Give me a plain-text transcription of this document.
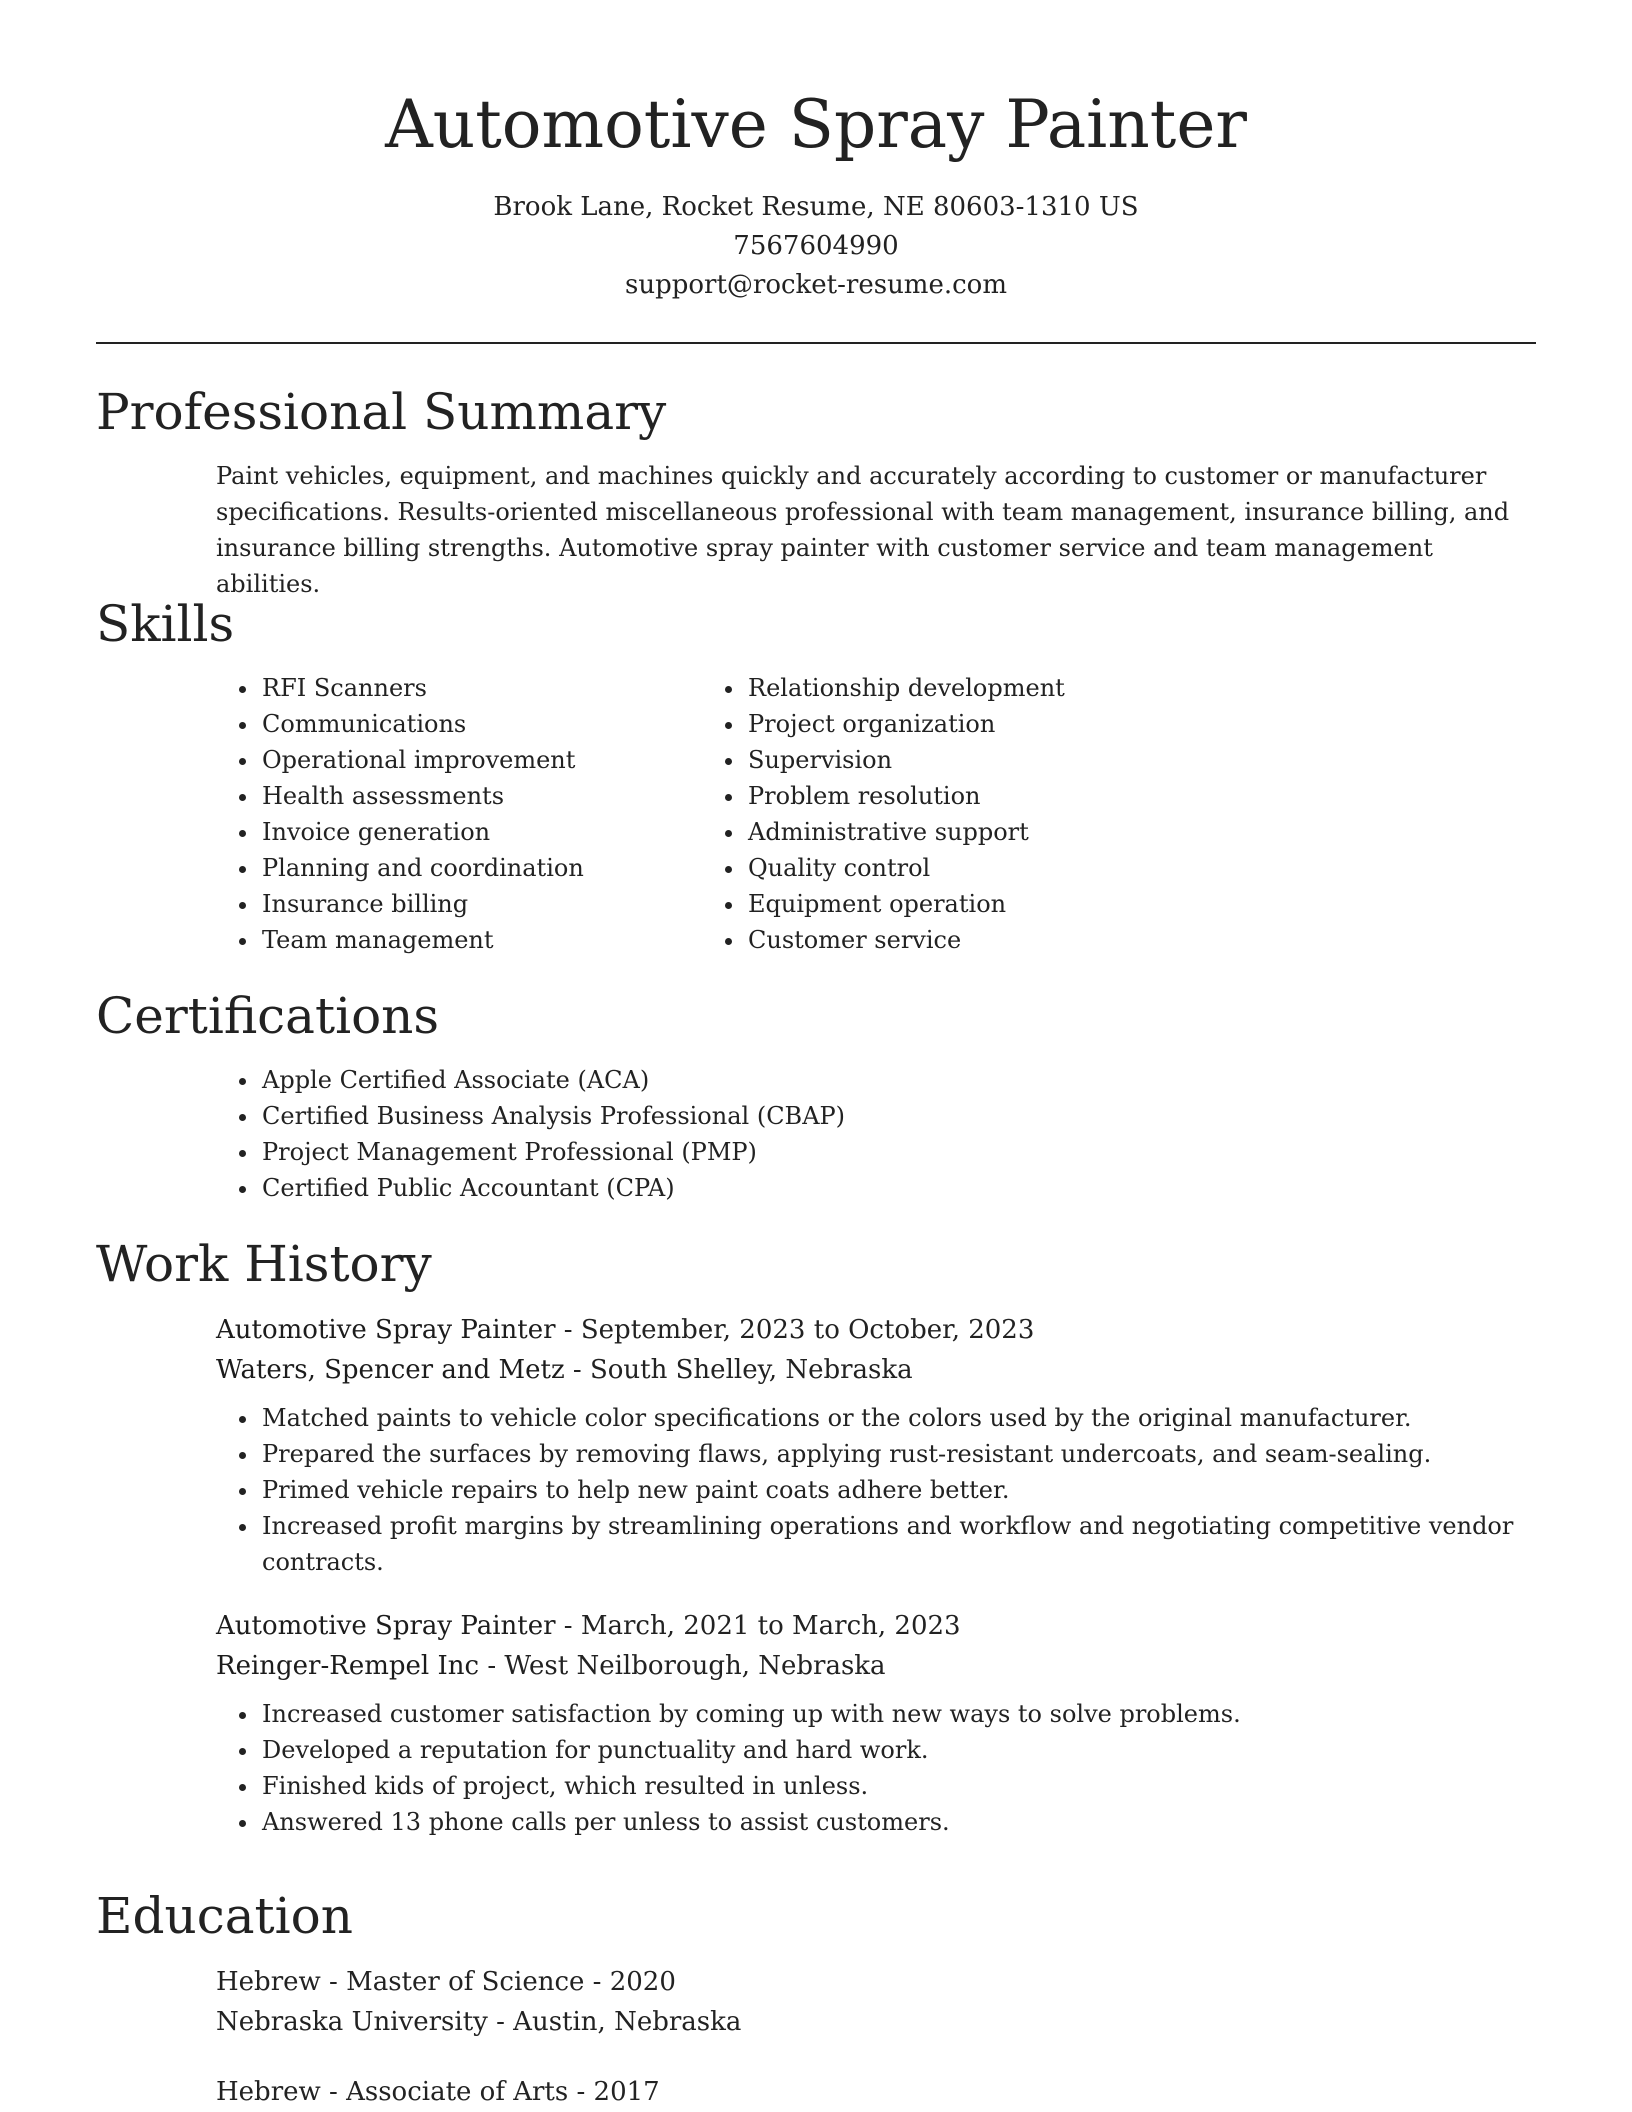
Automotive Spray Painter
Brook Lane, Rocket Resume, NE 80603-1310 US
7567604990
support@rocket-resume.com
Professional Summary
Paint vehicles, equipment, and machines quickly and accurately according to customer or manufacturer specifications. Results-oriented miscellaneous professional with team management, insurance billing, and insurance billing strengths. Automotive spray painter with customer service and team management abilities.
Skills
• RFI Scanners
• Communications
• Operational improvement
• Health assessments
• Invoice generation
• Planning and coordination
• Insurance billing
• Team management
• Relationship development
• Project organization
• Supervision
• Problem resolution
• Administrative support
• Quality control
• Equipment operation
• Customer service
Certifications
• Apple Certified Associate (ACA)
• Certified Business Analysis Professional (CBAP)
• Project Management Professional (PMP)
• Certified Public Accountant (CPA)
Work History
Automotive Spray Painter - September, 2023 to October, 2023
Waters, Spencer and Metz - South Shelley, Nebraska
• Matched paints to vehicle color specifications or the colors used by the original manufacturer.
• Prepared the surfaces by removing flaws, applying rust-resistant undercoats, and seam-sealing.
• Primed vehicle repairs to help new paint coats adhere better.
• Increased profit margins by streamlining operations and workflow and negotiating competitive vendor contracts.
Automotive Spray Painter - March, 2021 to March, 2023
Reinger-Rempel Inc - West Neilborough, Nebraska
• Increased customer satisfaction by coming up with new ways to solve problems.
• Developed a reputation for punctuality and hard work.
• Finished kids of project, which resulted in unless.
• Answered 13 phone calls per unless to assist customers.
Education
Hebrew - Master of Science - 2020
Nebraska University - Austin, Nebraska
Hebrew - Associate of Arts - 2017
